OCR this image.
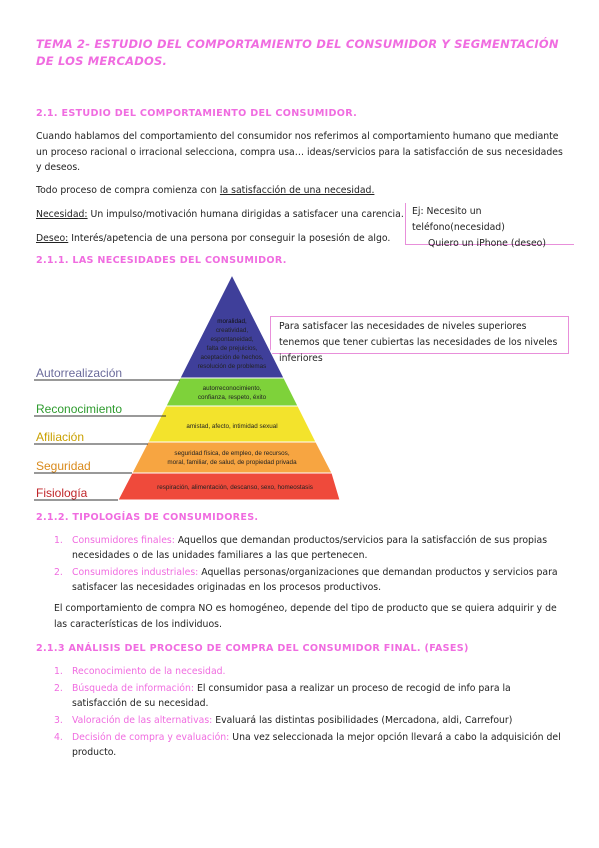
TEMA 2- ESTUDIO DEL COMPORTAMIENTO DEL CONSUMIDOR Y SEGMENTACIÓN DE LOS MERCADOS.
2.1. ESTUDIO DEL COMPORTAMIENTO DEL CONSUMIDOR.
Cuando hablamos del comportamiento del consumidor nos referimos al comportamiento humano que mediante un proceso racional o irracional selecciona, compra usa… ideas/servicios para la satisfacción de sus necesidades y deseos.
Todo proceso de compra comienza con la satisfacción de una necesidad.
Necesidad: Un impulso/motivación humana dirigidas a satisfacer una carencia.
Deseo: Interés/apetencia de una persona por conseguir la posesión de algo.
Ej: Necesito un teléfono(necesidad)
Quiero un iPhone (deseo)
2.1.1. LAS NECESIDADES DEL CONSUMIDOR.
Para satisfacer las necesidades de niveles superiores tenemos que tener cubiertas las necesidades de los niveles inferiores
moralidad,
creatividad,
espontaneidad,
falta de prejuicios,
aceptación de hechos,
resolución de problemas
autorreconocimiento,
confianza, respeto, éxito
amistad, afecto, intimidad sexual
seguridad física, de empleo, de recursos,
moral, familiar, de salud, de propiedad privada
respiración, alimentación, descanso, sexo, homeostasis
Autorrealización
Reconocimiento
Afiliación
Seguridad
Fisiología
2.1.2. TIPOLOGÍAS DE CONSUMIDORES.
1. Consumidores finales: Aquellos que demandan productos/servicios para la satisfacción de sus propias necesidades o de las unidades familiares a las que pertenecen.
2. Consumidores industriales: Aquellas personas/organizaciones que demandan productos y servicios para satisfacer las necesidades originadas en los procesos productivos.
El comportamiento de compra NO es homogéneo, depende del tipo de producto que se quiera adquirir y de las características de los individuos.
2.1.3 ANÁLISIS DEL PROCESO DE COMPRA DEL CONSUMIDOR FINAL. (FASES)
1. Reconocimiento de la necesidad.
2. Búsqueda de información: El consumidor pasa a realizar un proceso de recogid de info para la satisfacción de su necesidad.
3. Valoración de las alternativas: Evaluará las distintas posibilidades (Mercadona, aldi, Carrefour)
4. Decisión de compra y evaluación: Una vez seleccionada la mejor opción llevará a cabo la adquisición del producto.
